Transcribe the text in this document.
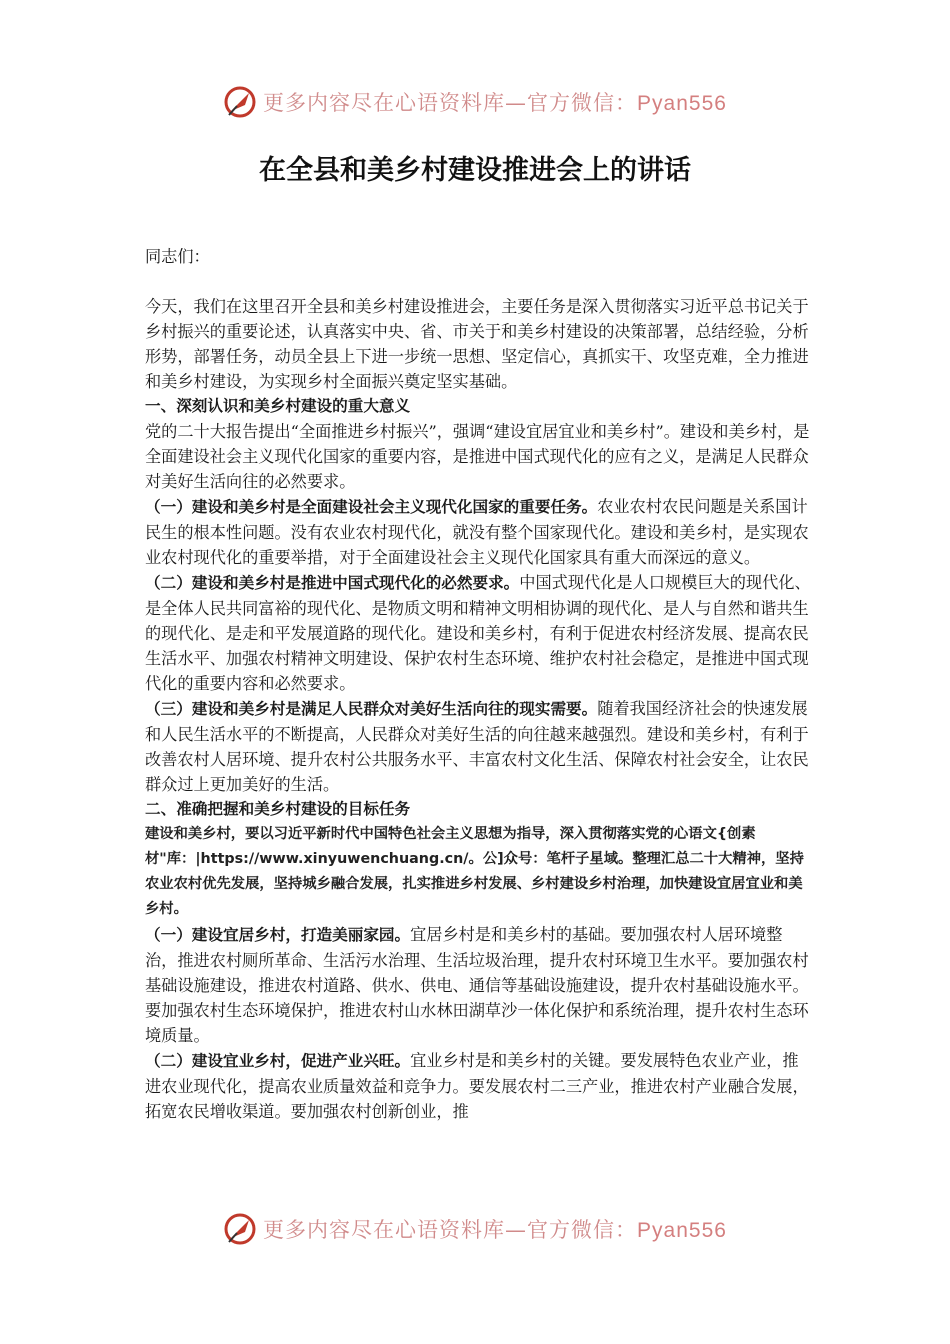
更多内容尽在心语资料库—官方微信：Pyan556
在全县和美乡村建设推进会上的讲话

同志们：

今天，我们在这里召开全县和美乡村建设推进会，主要任务是深入贯彻落实习近平总书记关于乡村振兴的重要论述，认真落实中央、省、市关于和美乡村建设的决策部署，总结经验，分析形势，部署任务，动员全县上下进一步统一思想、坚定信心，真抓实干、攻坚克难，全力推进和美乡村建设，为实现乡村全面振兴奠定坚实基础。

一、深刻认识和美乡村建设的重大意义

党的二十大报告提出“全面推进乡村振兴”，强调“建设宜居宜业和美乡村”。建设和美乡村，是全面建设社会主义现代化国家的重要内容，是推进中国式现代化的应有之义，是满足人民群众对美好生活向往的必然要求。

（一）建设和美乡村是全面建设社会主义现代化国家的重要任务。农业农村农民问题是关系国计民生的根本性问题。没有农业农村现代化，就没有整个国家现代化。建设和美乡村，是实现农业农村现代化的重要举措，对于全面建设社会主义现代化国家具有重大而深远的意义。

（二）建设和美乡村是推进中国式现代化的必然要求。中国式现代化是人口规模巨大的现代化、是全体人民共同富裕的现代化、是物质文明和精神文明相协调的现代化、是人与自然和谐共生的现代化、是走和平发展道路的现代化。建设和美乡村，有利于促进农村经济发展、提高农民生活水平、加强农村精神文明建设、保护农村生态环境、维护农村社会稳定，是推进中国式现代化的重要内容和必然要求。

（三）建设和美乡村是满足人民群众对美好生活向往的现实需要。随着我国经济社会的快速发展和人民生活水平的不断提高，人民群众对美好生活的向往越来越强烈。建设和美乡村，有利于改善农村人居环境、提升农村公共服务水平、丰富农村文化生活、保障农村社会安全，让农民群众过上更加美好的生活。

二、准确把握和美乡村建设的目标任务

建设和美乡村，要以习近平新时代中国特色社会主义思想为指导，深入贯彻落实党的心语文{创素材"库：|https://www.xinyuwenchuang.cn/。公]众号：笔杆子星域。整理汇总二十大精神，坚持农业农村优先发展，坚持城乡融合发展，扎实推进乡村发展、乡村建设乡村治理，加快建设宜居宜业和美乡村。

（一）建设宜居乡村，打造美丽家园。宜居乡村是和美乡村的基础。要加强农村人居环境整治，推进农村厕所革命、生活污水治理、生活垃圾治理，提升农村环境卫生水平。要加强农村基础设施建设，推进农村道路、供水、供电、通信等基础设施建设，提升农村基础设施水平。要加强农村生态环境保护，推进农村山水林田湖草沙一体化保护和系统治理，提升农村生态环境质量。

（二）建设宜业乡村，促进产业兴旺。宜业乡村是和美乡村的关键。要发展特色农业产业，推进农业现代化，提高农业质量效益和竞争力。要发展农村二三产业，推进农村产业融合发展，拓宽农民增收渠道。要加强农村创新创业，推

更多内容尽在心语资料库—官方微信：Pyan556
